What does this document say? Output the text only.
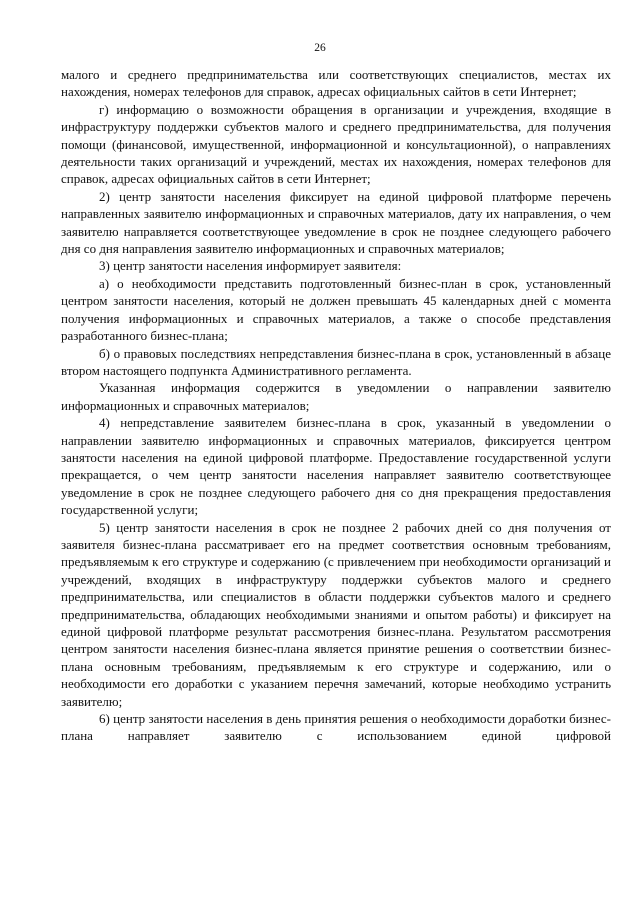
26

малого и среднего предпринимательства или соответствующих специалистов, местах их нахождения, номерах телефонов для справок, адресах официальных сайтов в сети Интернет;

г) информацию о возможности обращения в организации и учреждения, входящие в инфраструктуру поддержки субъектов малого и среднего предпринимательства, для получения помощи (финансовой, имущественной, информационной и консультационной), о направлениях деятельности таких организаций и учреждений, местах их нахождения, номерах телефонов для справок, адресах официальных сайтов в сети Интернет;

2) центр занятости населения фиксирует на единой цифровой платформе перечень направленных заявителю информационных и справочных материалов, дату их направления, о чем заявителю направляется соответствующее уведомление в срок не позднее следующего рабочего дня со дня направления заявителю информационных и справочных материалов;

3) центр занятости населения информирует заявителя:

а) о необходимости представить подготовленный бизнес-план в срок, установленный центром занятости населения, который не должен превышать 45 календарных дней с момента получения информационных и справочных материалов, а также о способе представления разработанного бизнес-плана;

б) о правовых последствиях непредставления бизнес-плана в срок, установленный в абзаце втором настоящего подпункта Административного регламента.

Указанная информация содержится в уведомлении о направлении заявителю информационных и справочных материалов;

4) непредставление заявителем бизнес-плана в срок, указанный в уведомлении о направлении заявителю информационных и справочных материалов, фиксируется центром занятости населения на единой цифровой платформе. Предоставление государственной услуги прекращается, о чем центр занятости населения направляет заявителю соответствующее уведомление в срок не позднее следующего рабочего дня со дня прекращения предоставления государственной услуги;

5) центр занятости населения в срок не позднее 2 рабочих дней со дня получения от заявителя бизнес-плана рассматривает его на предмет соответствия основным требованиям, предъявляемым к его структуре и содержанию (с привлечением при необходимости организаций и учреждений, входящих в инфраструктуру поддержки субъектов малого и среднего предпринимательства, или специалистов в области поддержки субъектов малого и среднего предпринимательства, обладающих необходимыми знаниями и опытом работы) и фиксирует на единой цифровой платформе результат рассмотрения бизнес-плана. Результатом рассмотрения центром занятости населения бизнес-плана является принятие решения о соответствии бизнес-плана основным требованиям, предъявляемым к его структуре и содержанию, или о необходимости его доработки с указанием перечня замечаний, которые необходимо устранить заявителю;

6) центр занятости населения в день принятия решения о необходимости доработки бизнес-плана направляет заявителю с использованием единой цифровой
